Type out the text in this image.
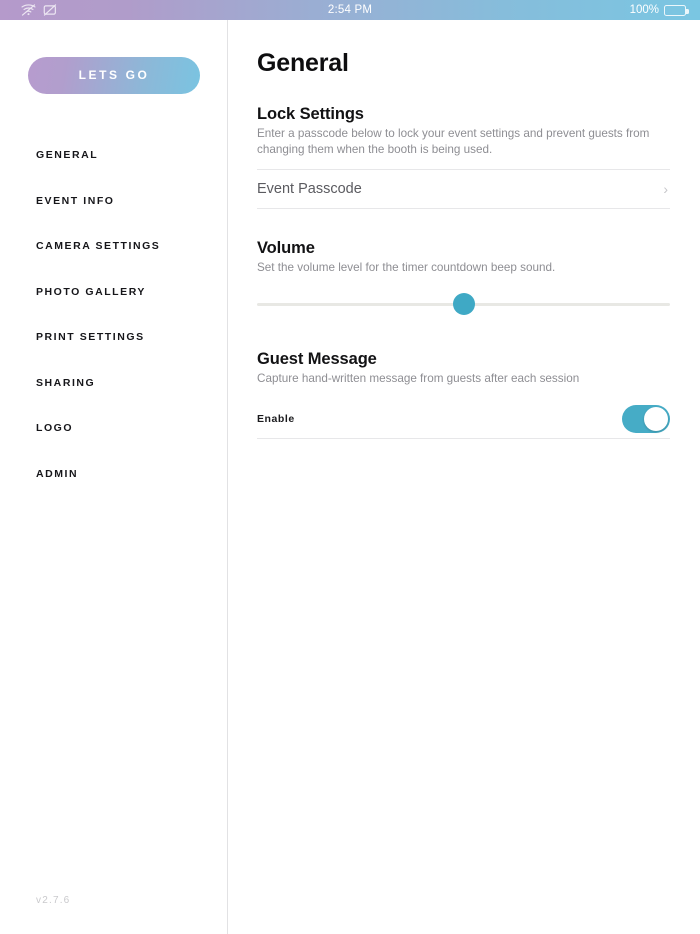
2:54 PM	100%
LETS GO
GENERAL
EVENT INFO
CAMERA SETTINGS
PHOTO GALLERY
PRINT SETTINGS
SHARING
LOGO
ADMIN
v2.7.6
General
Lock Settings

Enter a passcode below to lock your event settings and prevent guests from changing them when the booth is being used.

Event Passcode	›
Volume

Set the volume level for the timer countdown beep sound.

Guest Message

Capture hand-written message from guests after each session

Enable
